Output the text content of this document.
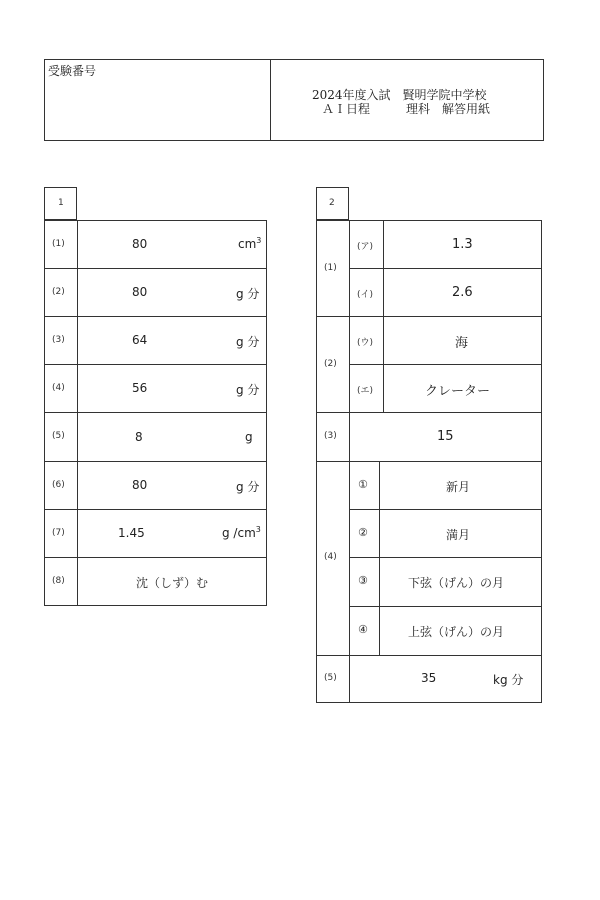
受験番号
2024年度入試　賢明学院中学校
ＡＩ日程　　　理科　解答用紙
1
(1)	80	$cm^3$
(2)	80	g 分
(3)	64	g 分
(4)	56	g 分
(5)	8	g
(6)	80	g 分
(7)	1.45	g $/cm^3$
(8)	沈（しず）む
2
(1)
(ア)	1.3
(イ)	2.6
(2)
(ウ)	海
(エ)	クレーター
(3)	15
(4)
①	新月
②	満月
③	下弦（げん）の月
④	上弦（げん）の月
(5)	35	kg 分
